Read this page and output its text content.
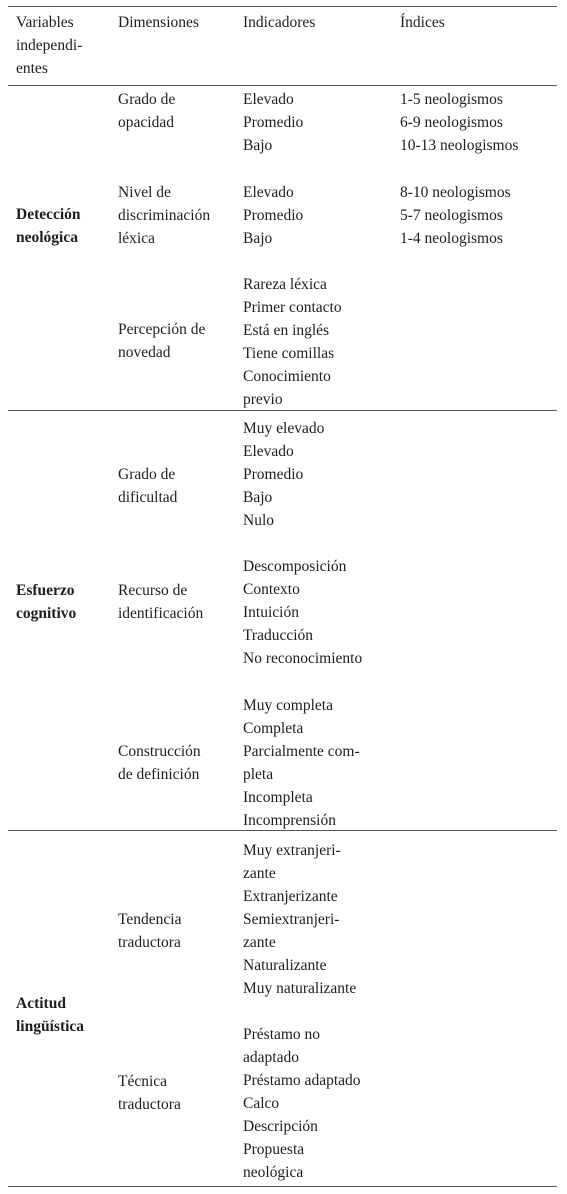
Variables
independi-
entes
Dimensiones	Indicadores	Índices
Detección
neológica
Grado de
opacidad
Elevado
Promedio
Bajo
1-5 neologismos
6-9 neologismos
10-13 neologismos
Nivel de
discriminación
léxica
Elevado
Promedio
Bajo
8-10 neologismos
5-7 neologismos
1-4 neologismos
Percepción de
novedad
Rareza léxica
Primer contacto
Está en inglés
Tiene comillas
Conocimiento
previo
Esfuerzo
cognitivo
Grado de
dificultad
Muy elevado
Elevado
Promedio
Bajo
Nulo
Recurso de
identificación
Descomposición
Contexto
Intuición
Traducción
No reconocimiento
Construcción
de definición
Muy completa
Completa
Parcialmente com-
pleta
Incompleta
Incomprensión
Actitud
lingüística
Tendencia
traductora
Muy extranjeri-
zante
Extranjerizante
Semiextranjeri-
zante
Naturalizante
Muy naturalizante
Técnica
traductora
Préstamo no
adaptado
Préstamo adaptado
Calco
Descripción
Propuesta
neológica
